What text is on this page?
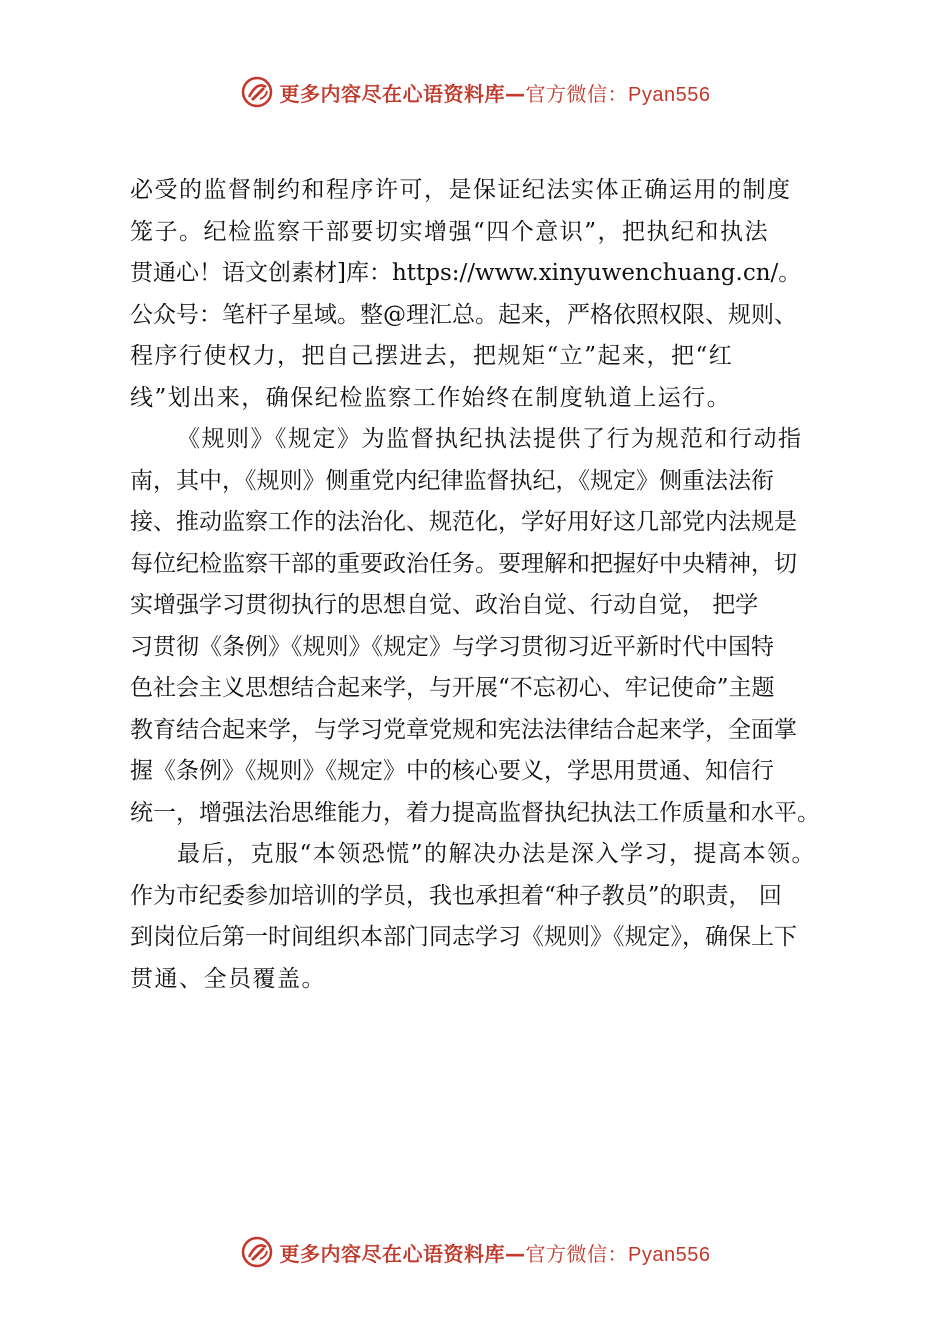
更多内容尽在心语资料库—官方微信：Pyan556
必受的监督制约和程序许可，是保证纪法实体正确运用的制度
笼子。纪检监察干部要切实增强“四个意识”，把执纪和执法
贯通心！语文创素材]库：https://www.xinyuwenchuang.cn/。
公众号：笔杆子星域。整@理汇总。起来，严格依照权限、规则、
程序行使权力，把自己摆进去，把规矩“立”起来，把“红
线”划出来，确保纪检监察工作始终在制度轨道上运行。
《规则》《规定》为监督执纪执法提供了行为规范和行动指
南，其中，《规则》侧重党内纪律监督执纪，《规定》侧重法法衔
接、推动监察工作的法治化、规范化，学好用好这几部党内法规是
每位纪检监察干部的重要政治任务。要理解和把握好中央精神，切
实增强学习贯彻执行的思想自觉、政治自觉、行动自觉， 把学
习贯彻《条例》《规则》《规定》与学习贯彻习近平新时代中国特
色社会主义思想结合起来学，与开展“不忘初心、牢记使命”主题
教育结合起来学，与学习党章党规和宪法法律结合起来学，全面掌
握《条例》《规则》《规定》中的核心要义，学思用贯通、知信行
统一，增强法治思维能力，着力提高监督执纪执法工作质量和水平。
最后，克服“本领恐慌”的解决办法是深入学习，提高本领。
作为市纪委参加培训的学员，我也承担着“种子教员”的职责， 回
到岗位后第一时间组织本部门同志学习《规则》《规定》，确保上下
贯通、全员覆盖。
更多内容尽在心语资料库—官方微信：Pyan556
